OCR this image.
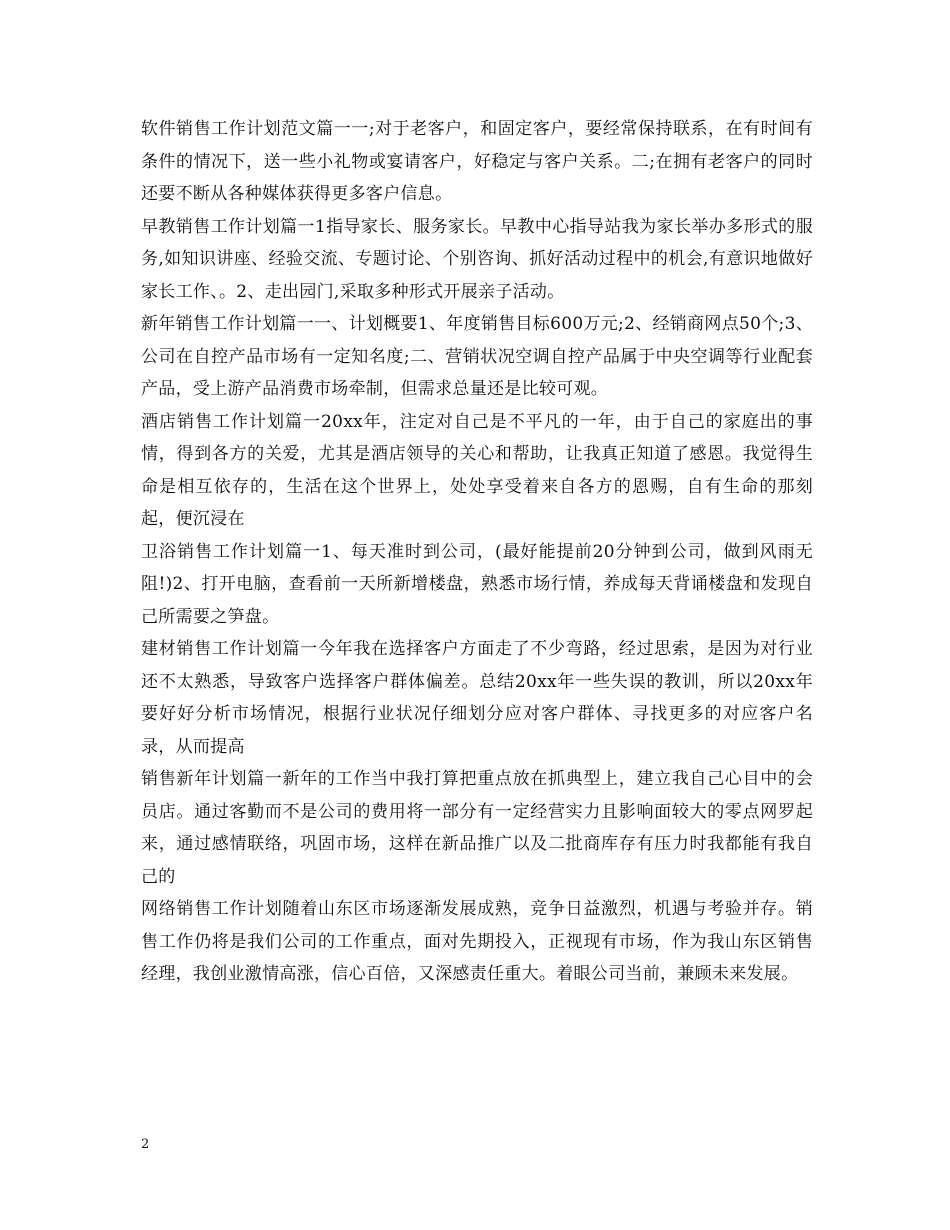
软件销售工作计划范文篇一一;对于老客户，和固定客户，要经常保持联系，在有时间有条件的情况下，送一些小礼物或宴请客户，好稳定与客户关系。二;在拥有老客户的同时还要不断从各种媒体获得更多客户信息。

早教销售工作计划篇一1指导家长、服务家长。早教中心指导站我为家长举办多形式的服务,如知识讲座、经验交流、专题讨论、个别咨询、抓好活动过程中的机会,有意识地做好家长工作、。2、走出园门,采取多种形式开展亲子活动。

新年销售工作计划篇一一、计划概要1、年度销售目标600万元;2、经销商网点50个;3、公司在自控产品市场有一定知名度;二、营销状况空调自控产品属于中央空调等行业配套产品，受上游产品消费市场牵制，但需求总量还是比较可观。

酒店销售工作计划篇一20xx年，注定对自己是不平凡的一年，由于自己的家庭出的事情，得到各方的关爱，尤其是酒店领导的关心和帮助，让我真正知道了感恩。我觉得生命是相互依存的，生活在这个世界上，处处享受着来自各方的恩赐，自有生命的那刻起，便沉浸在

卫浴销售工作计划篇一1、每天准时到公司，(最好能提前20分钟到公司，做到风雨无阻!)2、打开电脑，查看前一天所新增楼盘，熟悉市场行情，养成每天背诵楼盘和发现自己所需要之笋盘。

建材销售工作计划篇一今年我在选择客户方面走了不少弯路，经过思索，是因为对行业还不太熟悉，导致客户选择客户群体偏差。总结20xx年一些失误的教训，所以20xx年要好好分析市场情况，根据行业状况仔细划分应对客户群体、寻找更多的对应客户名录，从而提高

销售新年计划篇一新年的工作当中我打算把重点放在抓典型上，建立我自己心目中的会员店。通过客勤而不是公司的费用将一部分有一定经营实力且影响面较大的零点网罗起来，通过感情联络，巩固市场，这样在新品推广以及二批商库存有压力时我都能有我自己的

网络销售工作计划随着山东区市场逐渐发展成熟，竞争日益激烈，机遇与考验并存。销售工作仍将是我们公司的工作重点，面对先期投入，正视现有市场，作为我山东区销售经理，我创业激情高涨，信心百倍，又深感责任重大。着眼公司当前，兼顾未来发展。

2
